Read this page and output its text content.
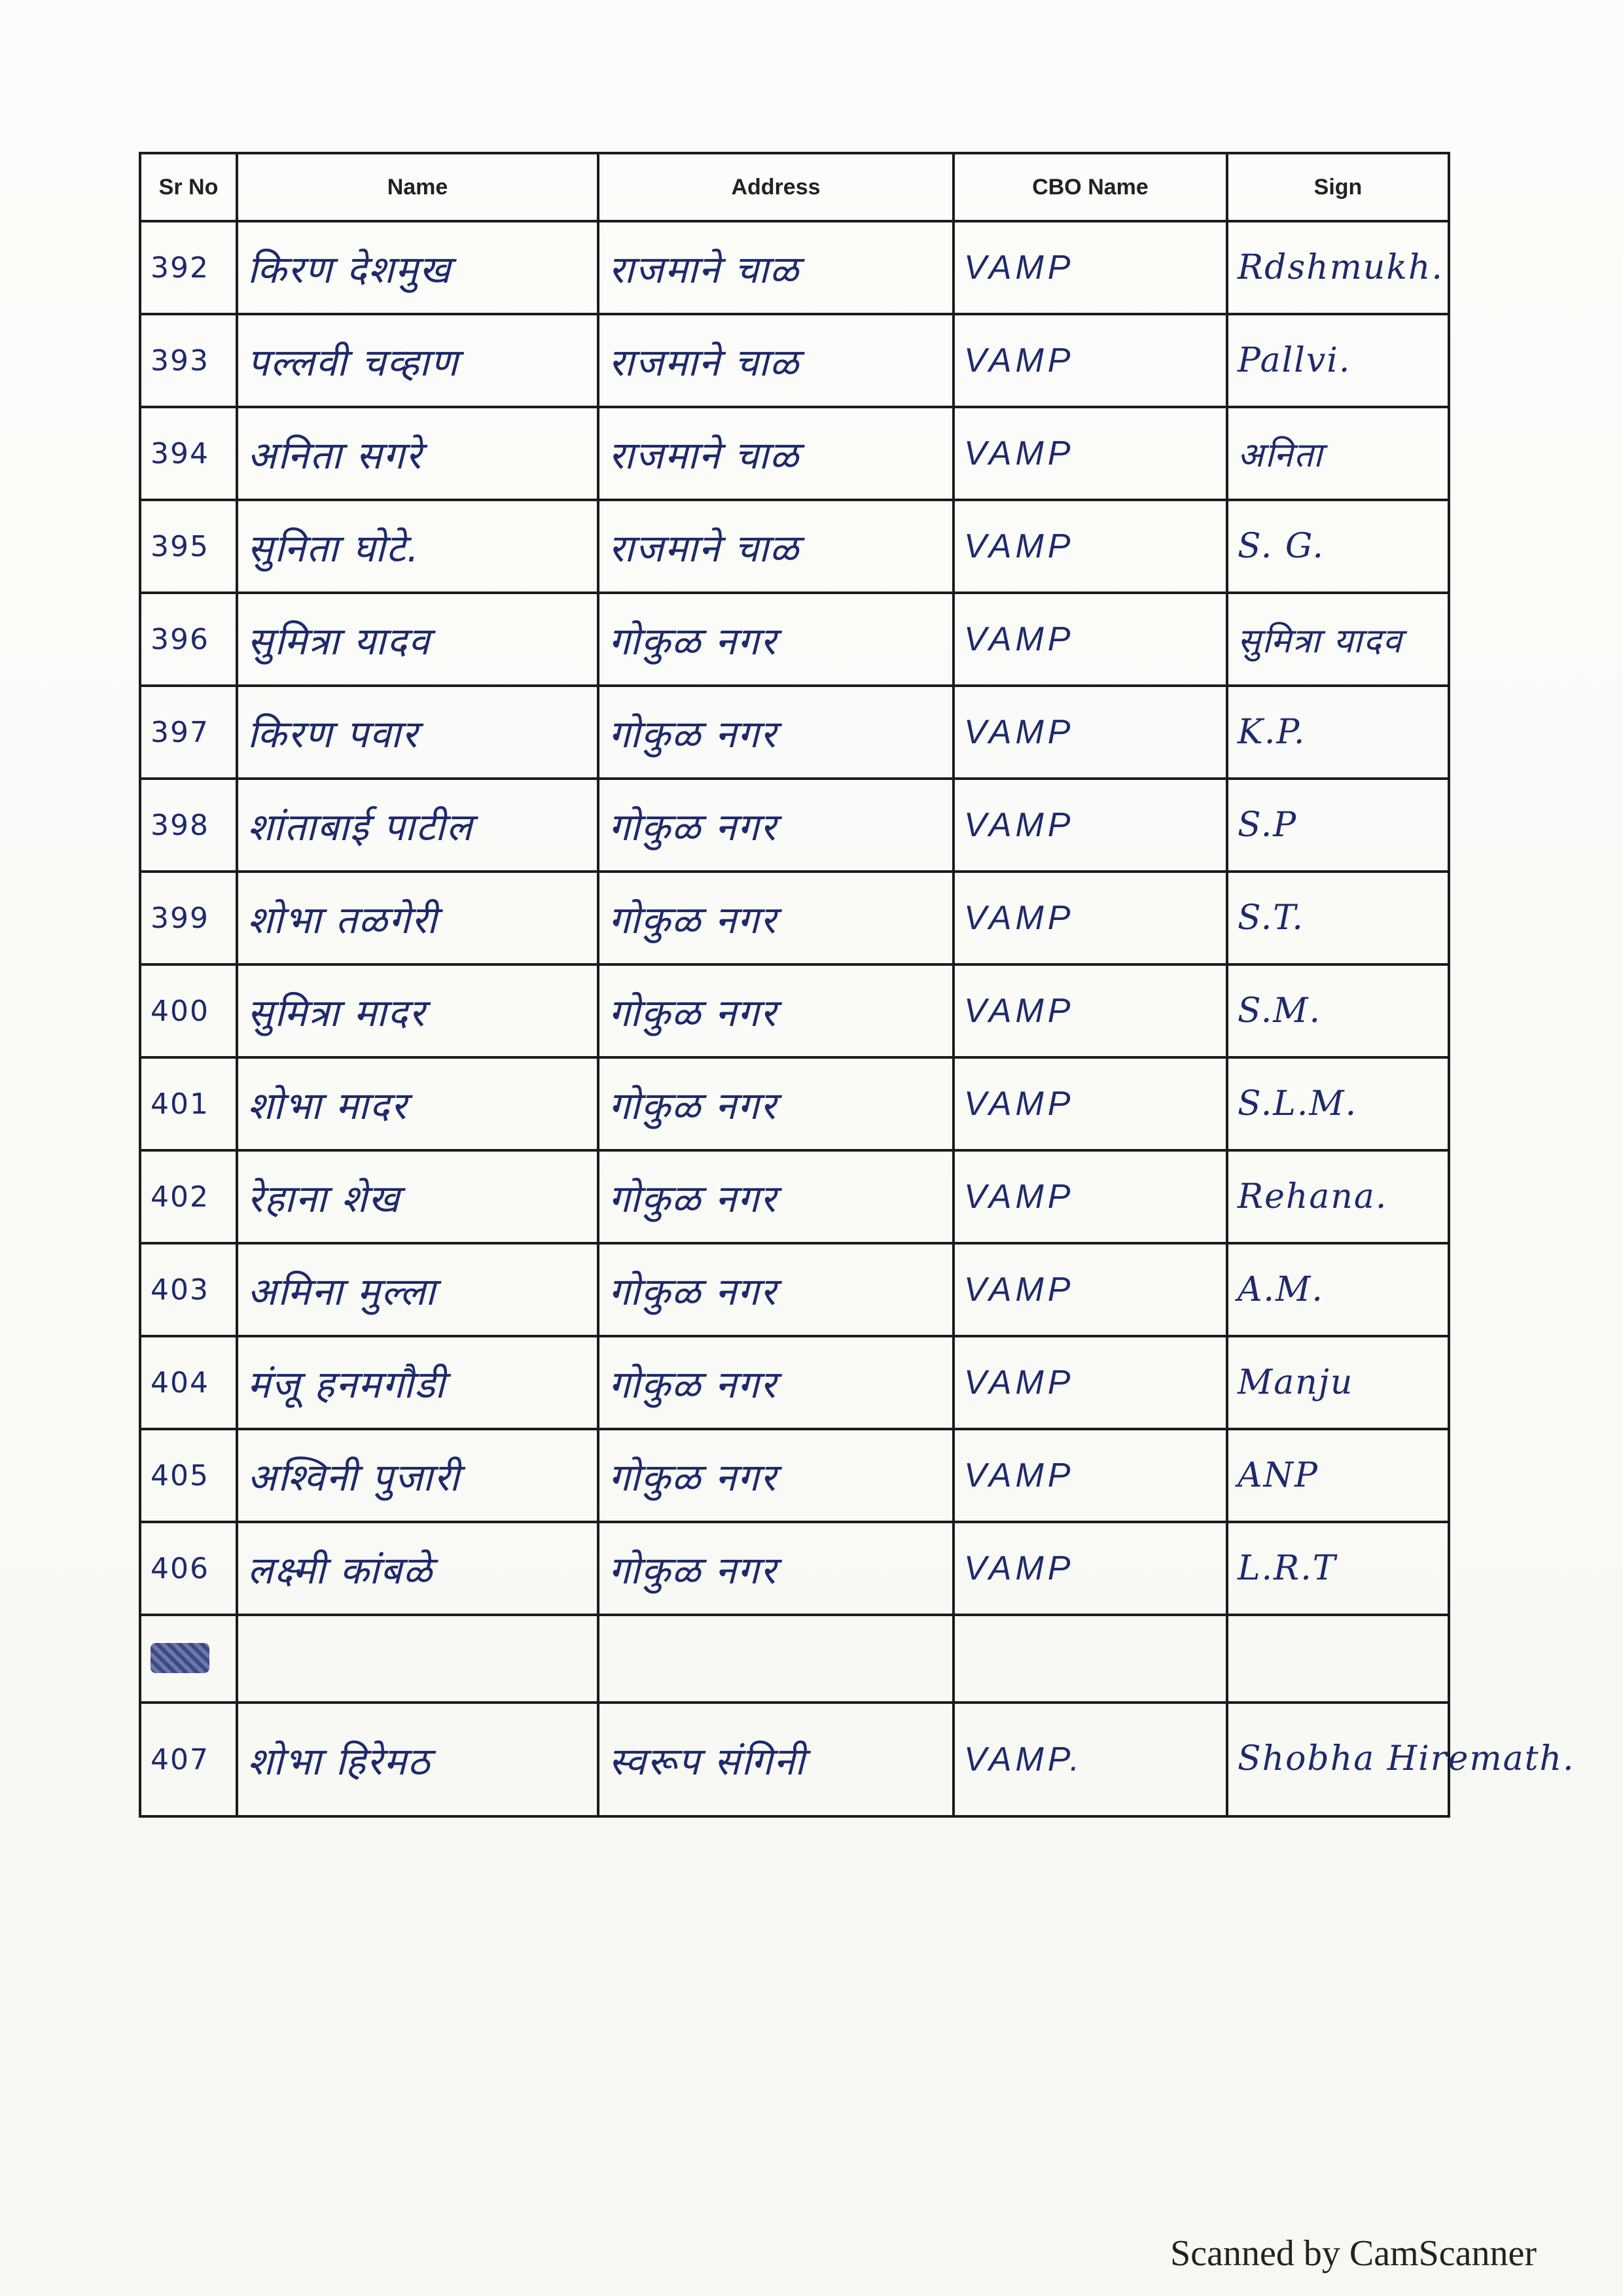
Sr No	Name	Address	CBO Name	Sign
392	किरण देशमुख	राजमाने चाळ	VAMP	Rdshmukh.
393	पल्लवी चव्हाण	राजमाने चाळ	VAMP	Pallvi.
394	अनिता सगरे	राजमाने चाळ	VAMP	अनिता
395	सुनिता घोटे.	राजमाने चाळ	VAMP	S. G.
396	सुमित्रा यादव	गोकुळ नगर	VAMP	सुमित्रा यादव
397	किरण पवार	गोकुळ नगर	VAMP	K.P.
398	शांताबाई पाटील	गोकुळ नगर	VAMP	S.P
399	शोभा तळगेरी	गोकुळ नगर	VAMP	S.T.
400	सुमित्रा मादर	गोकुळ नगर	VAMP	S.M.
401	शोभा मादर	गोकुळ नगर	VAMP	S.L.M.
402	रेहाना शेख	गोकुळ नगर	VAMP	Rehana.
403	अमिना मुल्ला	गोकुळ नगर	VAMP	A.M.
404	मंजू हनमगौडी	गोकुळ नगर	VAMP	Manju
405	अश्विनी पुजारी	गोकुळ नगर	VAMP	ANP
406	लक्ष्मी कांबळे	गोकुळ नगर	VAMP	L.R.T

407	शोभा हिरेमठ	स्वरूप संगिनी	VAMP.	Shobha Hiremath.
Scanned by CamScanner
